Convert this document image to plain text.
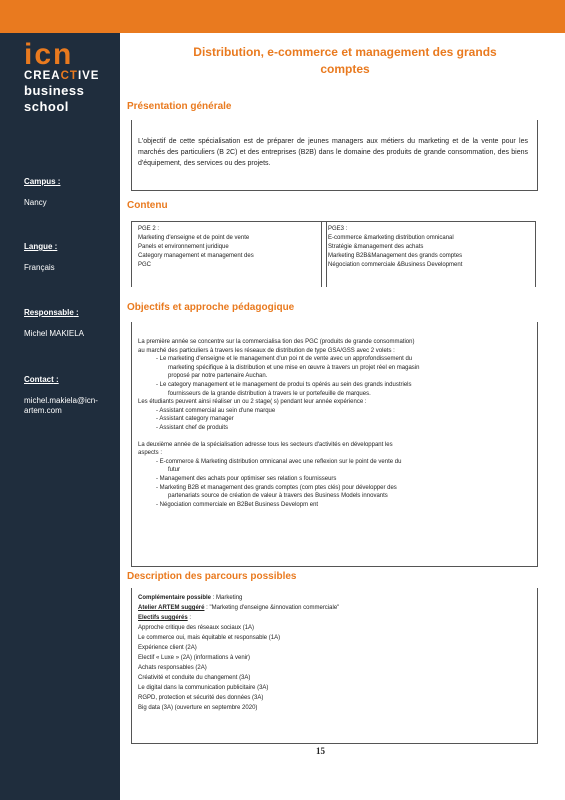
icn
CREACTIVE
business
school
Campus :
Nancy
Langue :
Français
Responsable :
Michel MAKIELA
Contact :
michel.makiela@icn-
artem.com
Distribution, e-commerce et management des grands
comptes
Présentation générale
L'objectif de cette spécialisation est de préparer de jeunes managers aux métiers du marketing et de la vente pour les marchés des particuliers (B 2C) et des entreprises (B2B) dans le domaine des produits de grande consommation, des biens d'équipement, des services ou des projets.
Contenu
PGE 2 :
Marketing d'enseigne et de point de vente
Panels et environnement juridique
Category management et management des
PGC
PGE3 :
E-commerce &marketing distribution omnicanal
Stratégie &management des achats
Marketing B2B&Management des grands comptes
Négociation commerciale &Business Development
Objectifs et approche pédagogique
La première année se concentre sur la commercialisa tion des PGC (produits de grande consommation)
au marché des particuliers à travers les réseaux de distribution de type GSA/GSS avec 2 volets :
- Le marketing d'enseigne et le management d'un poi nt de vente avec un approfondissement du
marketing spécifique à la distribution et une mise en œuvre à travers un projet réel en magasin
proposé par notre partenaire Auchan.
- Le category management et le management de produi ts opérés au sein des grands industriels
fournisseurs de la grande distribution à travers le ur portefeuille de marques.
Les étudiants peuvent ainsi réaliser un ou 2 stage( s) pendant leur année expérience :
- Assistant commercial au sein d'une marque
- Assistant category manager
- Assistant chef de produits
La deuxième année de la spécialisation adresse tous les secteurs d'activités en développant les
aspects :
- E-commerce & Marketing distribution omnicanal avec une reflexion sur le point de vente du
futur
- Management des achats pour optimiser ses relation s fournisseurs
- Marketing B2B et management des grands comptes (com ptes clés) pour développer des
partenariats source de création de valeur à travers des Business Models innovants
- Négociation commerciale en B2Bet Business Developm ent
Description des parcours possibles
Complémentaire possible : Marketing
Atelier ARTEM suggéré : "Marketing d'enseigne &innovation commerciale"
Electifs suggérés :
Approche critique des réseaux sociaux (1A)
Le commerce oui, mais équitable et responsable (1A)
Expérience client (2A)
Electif « Luxe » (2A) (informations à venir)
Achats responsables (2A)
Créativité et conduite du changement (3A)
Le digital dans la communication publicitaire (3A)
RGPD, protection et sécurité des données (3A)
Big data (3A) (ouverture en septembre 2020)
15
